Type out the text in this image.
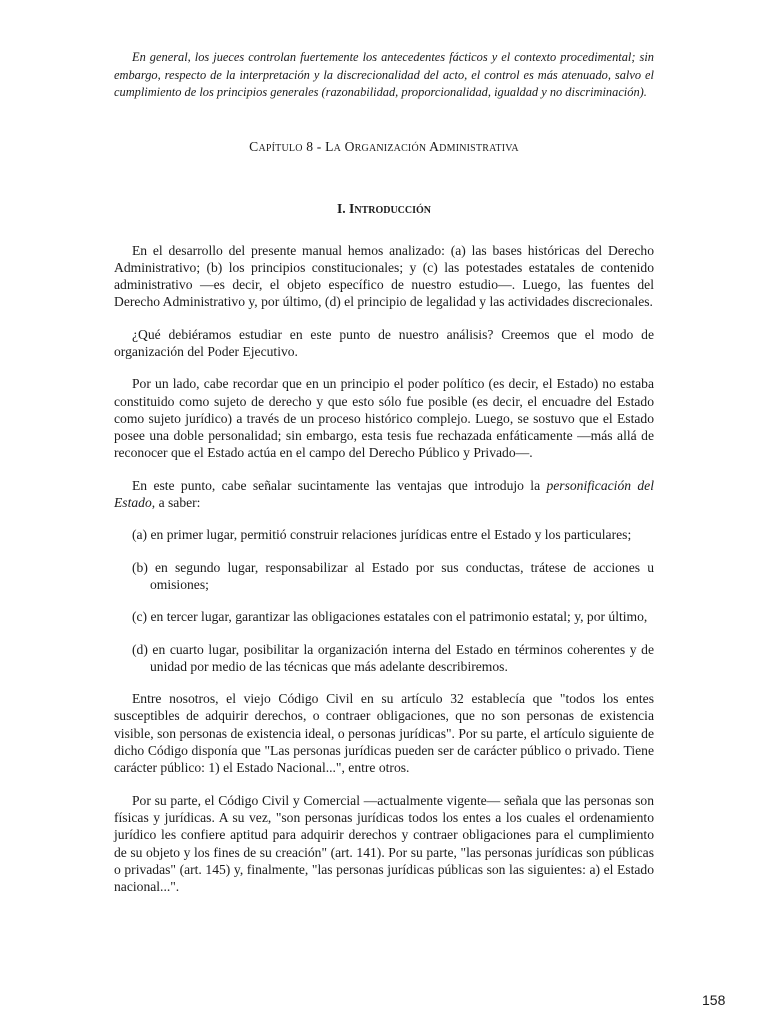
En general, los jueces controlan fuertemente los antecedentes fácticos y el contexto procedimental; sin embargo, respecto de la interpretación y la discrecionalidad del acto, el control es más atenuado, salvo el cumplimiento de los principios generales (razonabilidad, proporcionalidad, igualdad y no discriminación).

Capítulo 8 - La Organización Administrativa
I. Introducción

En el desarrollo del presente manual hemos analizado: (a) las bases históricas del Derecho Administrativo; (b) los principios constitucionales; y (c) las potestades estatales de contenido administrativo —es decir, el objeto específico de nuestro estudio—. Luego, las fuentes del Derecho Administrativo y, por último, (d) el principio de legalidad y las actividades discrecionales.

¿Qué debiéramos estudiar en este punto de nuestro análisis? Creemos que el modo de organización del Poder Ejecutivo.

Por un lado, cabe recordar que en un principio el poder político (es decir, el Estado) no estaba constituido como sujeto de derecho y que esto sólo fue posible (es decir, el encuadre del Estado como sujeto jurídico) a través de un proceso histórico complejo. Luego, se sostuvo que el Estado posee una doble personalidad; sin embargo, esta tesis fue rechazada enfáticamente —más allá de reconocer que el Estado actúa en el campo del Derecho Público y Privado—.

En este punto, cabe señalar sucintamente las ventajas que introdujo la personificación del Estado, a saber:

(a) en primer lugar, permitió construir relaciones jurídicas entre el Estado y los particulares;

(b) en segundo lugar, responsabilizar al Estado por sus conductas, trátese de acciones u omisiones;

(c) en tercer lugar, garantizar las obligaciones estatales con el patrimonio estatal; y, por último,

(d) en cuarto lugar, posibilitar la organización interna del Estado en términos coherentes y de unidad por medio de las técnicas que más adelante describiremos.

Entre nosotros, el viejo Código Civil en su artículo 32 establecía que "todos los entes susceptibles de adquirir derechos, o contraer obligaciones, que no son personas de existencia visible, son personas de existencia ideal, o personas jurídicas". Por su parte, el artículo siguiente de dicho Código disponía que "Las personas jurídicas pueden ser de carácter público o privado. Tiene carácter público: 1) el Estado Nacional...", entre otros.

Por su parte, el Código Civil y Comercial —actualmente vigente— señala que las personas son físicas y jurídicas. A su vez, "son personas jurídicas todos los entes a los cuales el ordenamiento jurídico les confiere aptitud para adquirir derechos y contraer obligaciones para el cumplimiento de su objeto y los fines de su creación" (art. 141). Por su parte, "las personas jurídicas son públicas o privadas" (art. 145) y, finalmente, "las personas jurídicas públicas son las siguientes: a) el Estado nacional...".

158
